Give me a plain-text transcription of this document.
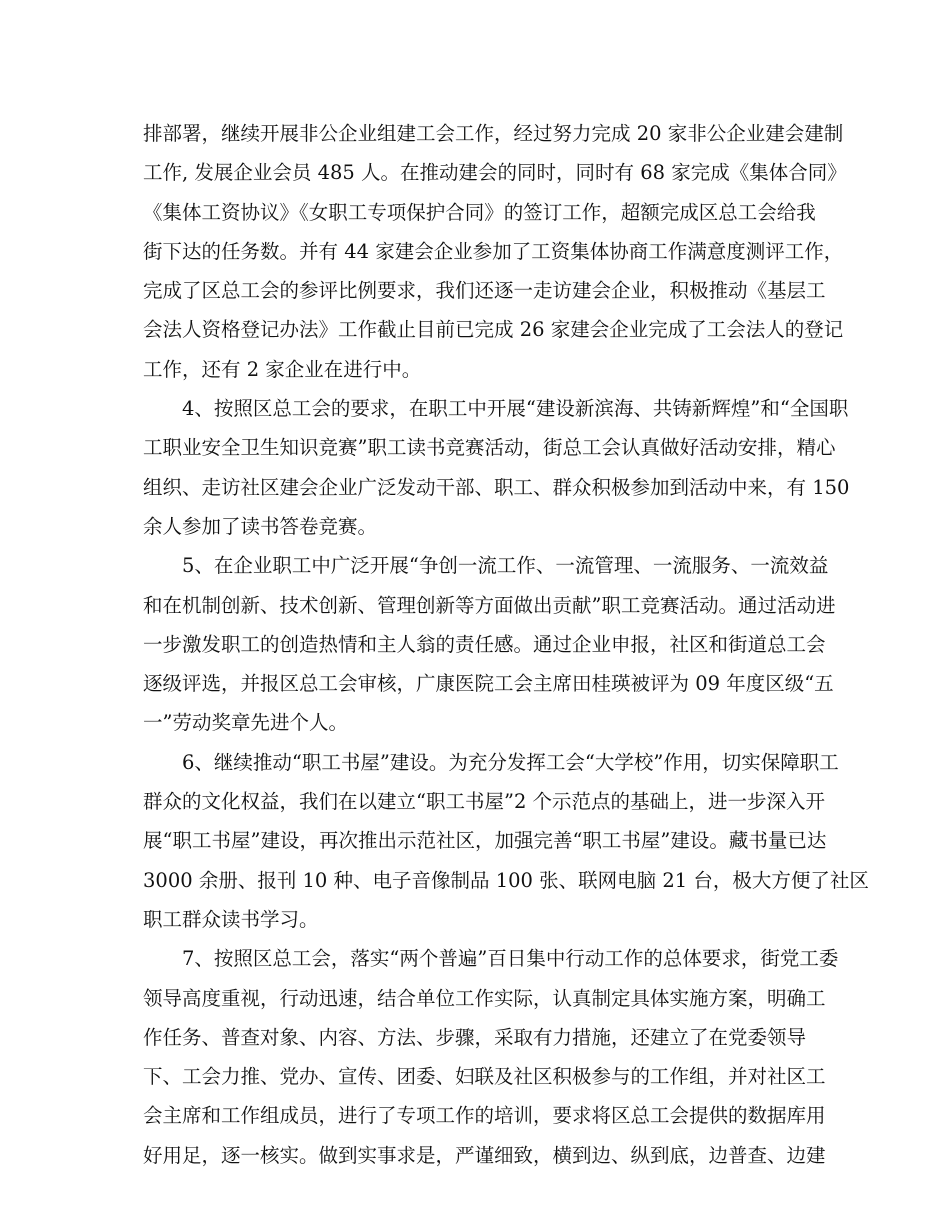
排部署，继续开展非公企业组建工会工作，经过努力完成 20 家非公企业建会建制
工作, 发展企业会员 485 人。在推动建会的同时，同时有 68 家完成《集体合同》
《集体工资协议》《女职工专项保护合同》的签订工作，超额完成区总工会给我
街下达的任务数。并有 44 家建会企业参加了工资集体协商工作满意度测评工作，
完成了区总工会的参评比例要求，我们还逐一走访建会企业，积极推动《基层工
会法人资格登记办法》工作截止目前已完成 26 家建会企业完成了工会法人的登记
工作，还有 2 家企业在进行中。
4、按照区总工会的要求，在职工中开展“建设新滨海、共铸新辉煌”和“全国职
工职业安全卫生知识竞赛”职工读书竞赛活动，街总工会认真做好活动安排，精心
组织、走访社区建会企业广泛发动干部、职工、群众积极参加到活动中来，有 150
余人参加了读书答卷竞赛。
5、在企业职工中广泛开展“争创一流工作、一流管理、一流服务、一流效益
和在机制创新、技术创新、管理创新等方面做出贡献”职工竞赛活动。通过活动进
一步激发职工的创造热情和主人翁的责任感。通过企业申报，社区和街道总工会
逐级评选，并报区总工会审核，广康医院工会主席田桂瑛被评为 09 年度区级“五
一”劳动奖章先进个人。
6、继续推动“职工书屋”建设。为充分发挥工会“大学校”作用，切实保障职工
群众的文化权益，我们在以建立“职工书屋”2 个示范点的基础上，进一步深入开
展“职工书屋”建设，再次推出示范社区，加强完善“职工书屋”建设。藏书量已达
3000 余册、报刊 10 种、电子音像制品 100 张、联网电脑 21 台，极大方便了社区
职工群众读书学习。
7、按照区总工会，落实“两个普遍”百日集中行动工作的总体要求，街党工委
领导高度重视，行动迅速，结合单位工作实际，认真制定具体实施方案，明确工
作任务、普查对象、内容、方法、步骤，采取有力措施，还建立了在党委领导
下、工会力推、党办、宣传、团委、妇联及社区积极参与的工作组，并对社区工
会主席和工作组成员，进行了专项工作的培训，要求将区总工会提供的数据库用
好用足，逐一核实。做到实事求是，严谨细致，横到边、纵到底，边普查、边建
